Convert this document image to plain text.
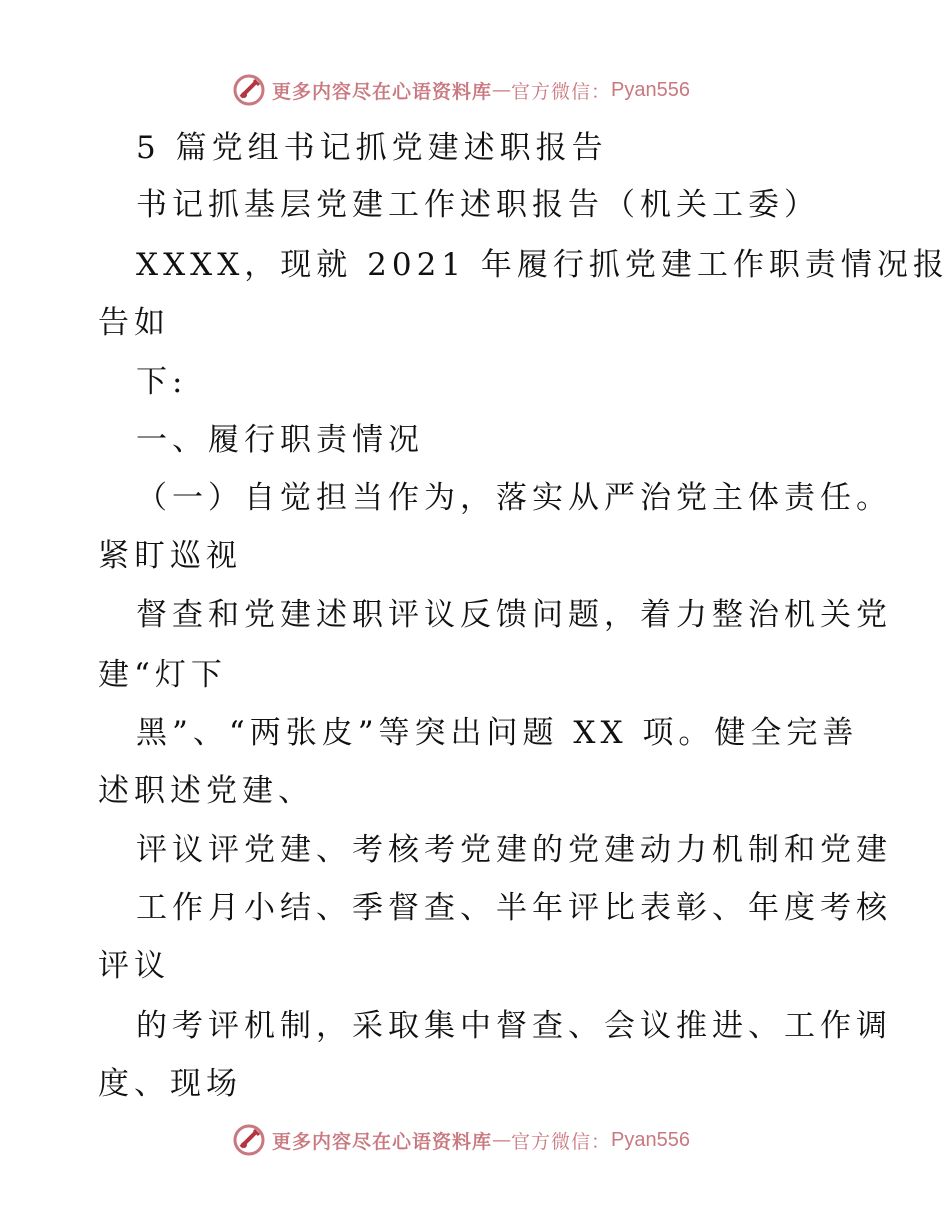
更多内容尽在心语资料库 — 官方微信： Pyan556
5 篇党组书记抓党建述职报告
书记抓基层党建工作述职报告（机关工委）
XXXX，现就 2021 年履行抓党建工作职责情况报
告如
下:
一、履行职责情况
（一）自觉担当作为，落实从严治党主体责任。
紧盯巡视
督查和党建述职评议反馈问题，着力整治机关党
建“灯下
黑”、“两张皮”等突出问题 XX 项。健全完善
述职述党建、
评议评党建、考核考党建的党建动力机制和党建
工作月小结、季督查、半年评比表彰、年度考核
评议
的考评机制，采取集中督查、会议推进、工作调
度、现场
更多内容尽在心语资料库 — 官方微信： Pyan556
